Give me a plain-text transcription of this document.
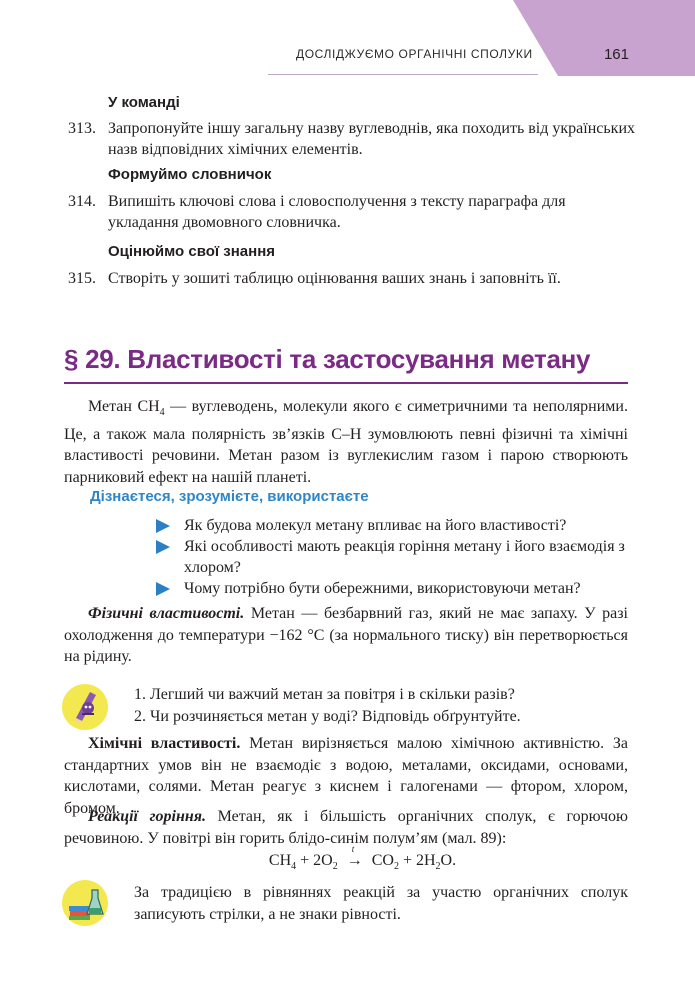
ДОСЛІДЖУЄМО ОРГАНІЧНІ СПОЛУКИ	161
У команді
313. Запропонуйте іншу загальну назву вуглеводнів, яка походить від українських назв відповідних хімічних елементів.
Формуймо словничок
314. Випишіть ключові слова і словосполучення з тексту параграфа для укладання двомовного словничка.
Оцінюймо свої знання
315. Створіть у зошиті таблицю оцінювання ваших знань і заповніть її.
§ 29. Властивості та застосування метану

Метан $CH_4$ — вуглеводень, молекули якого є симетричними та неполярними. Це, а також мала полярність зв’язків С–Н зумовлюють певні фізичні та хімічні властивості речовини. Метан разом із вуглекислим газом і парою створюють парниковий ефект на нашій планеті.

Дізнаєтеся, зрозумієте, використаєте
Як будова молекул метану впливає на його властивості?
Які особливості мають реакція горіння метану і його взаємодія з хлором?
Чому потрібно бути обережними, використовуючи метан?

Фізичні властивості. Метан — безбарвний газ, який не має запаху. У разі охолодження до температури −162 °С (за нормального тиску) він перетворюється на рідину.

1. Легший чи важчий метан за повітря і в скільки разів?
2. Чи розчиняється метан у воді? Відповідь обґрунтуйте.

Хімічні властивості. Метан вирізняється малою хімічною активністю. За стандартних умов він не взаємодіє з водою, металами, оксидами, основами, кислотами, солями. Метан реагує з киснем і галогенами — фтором, хлором, бромом.

Реакції горіння. Метан, як і більшість органічних сполук, є горючою речовиною. У повітрі він горить блідо-синім полум’ям (мал. 89):

$CH_4 + 2O_2$
t
→ $CO_2 + 2H_2O$.
За традицією в рівняннях реакцій за участю органічних сполук записують стрілки, а не знаки рівності.
